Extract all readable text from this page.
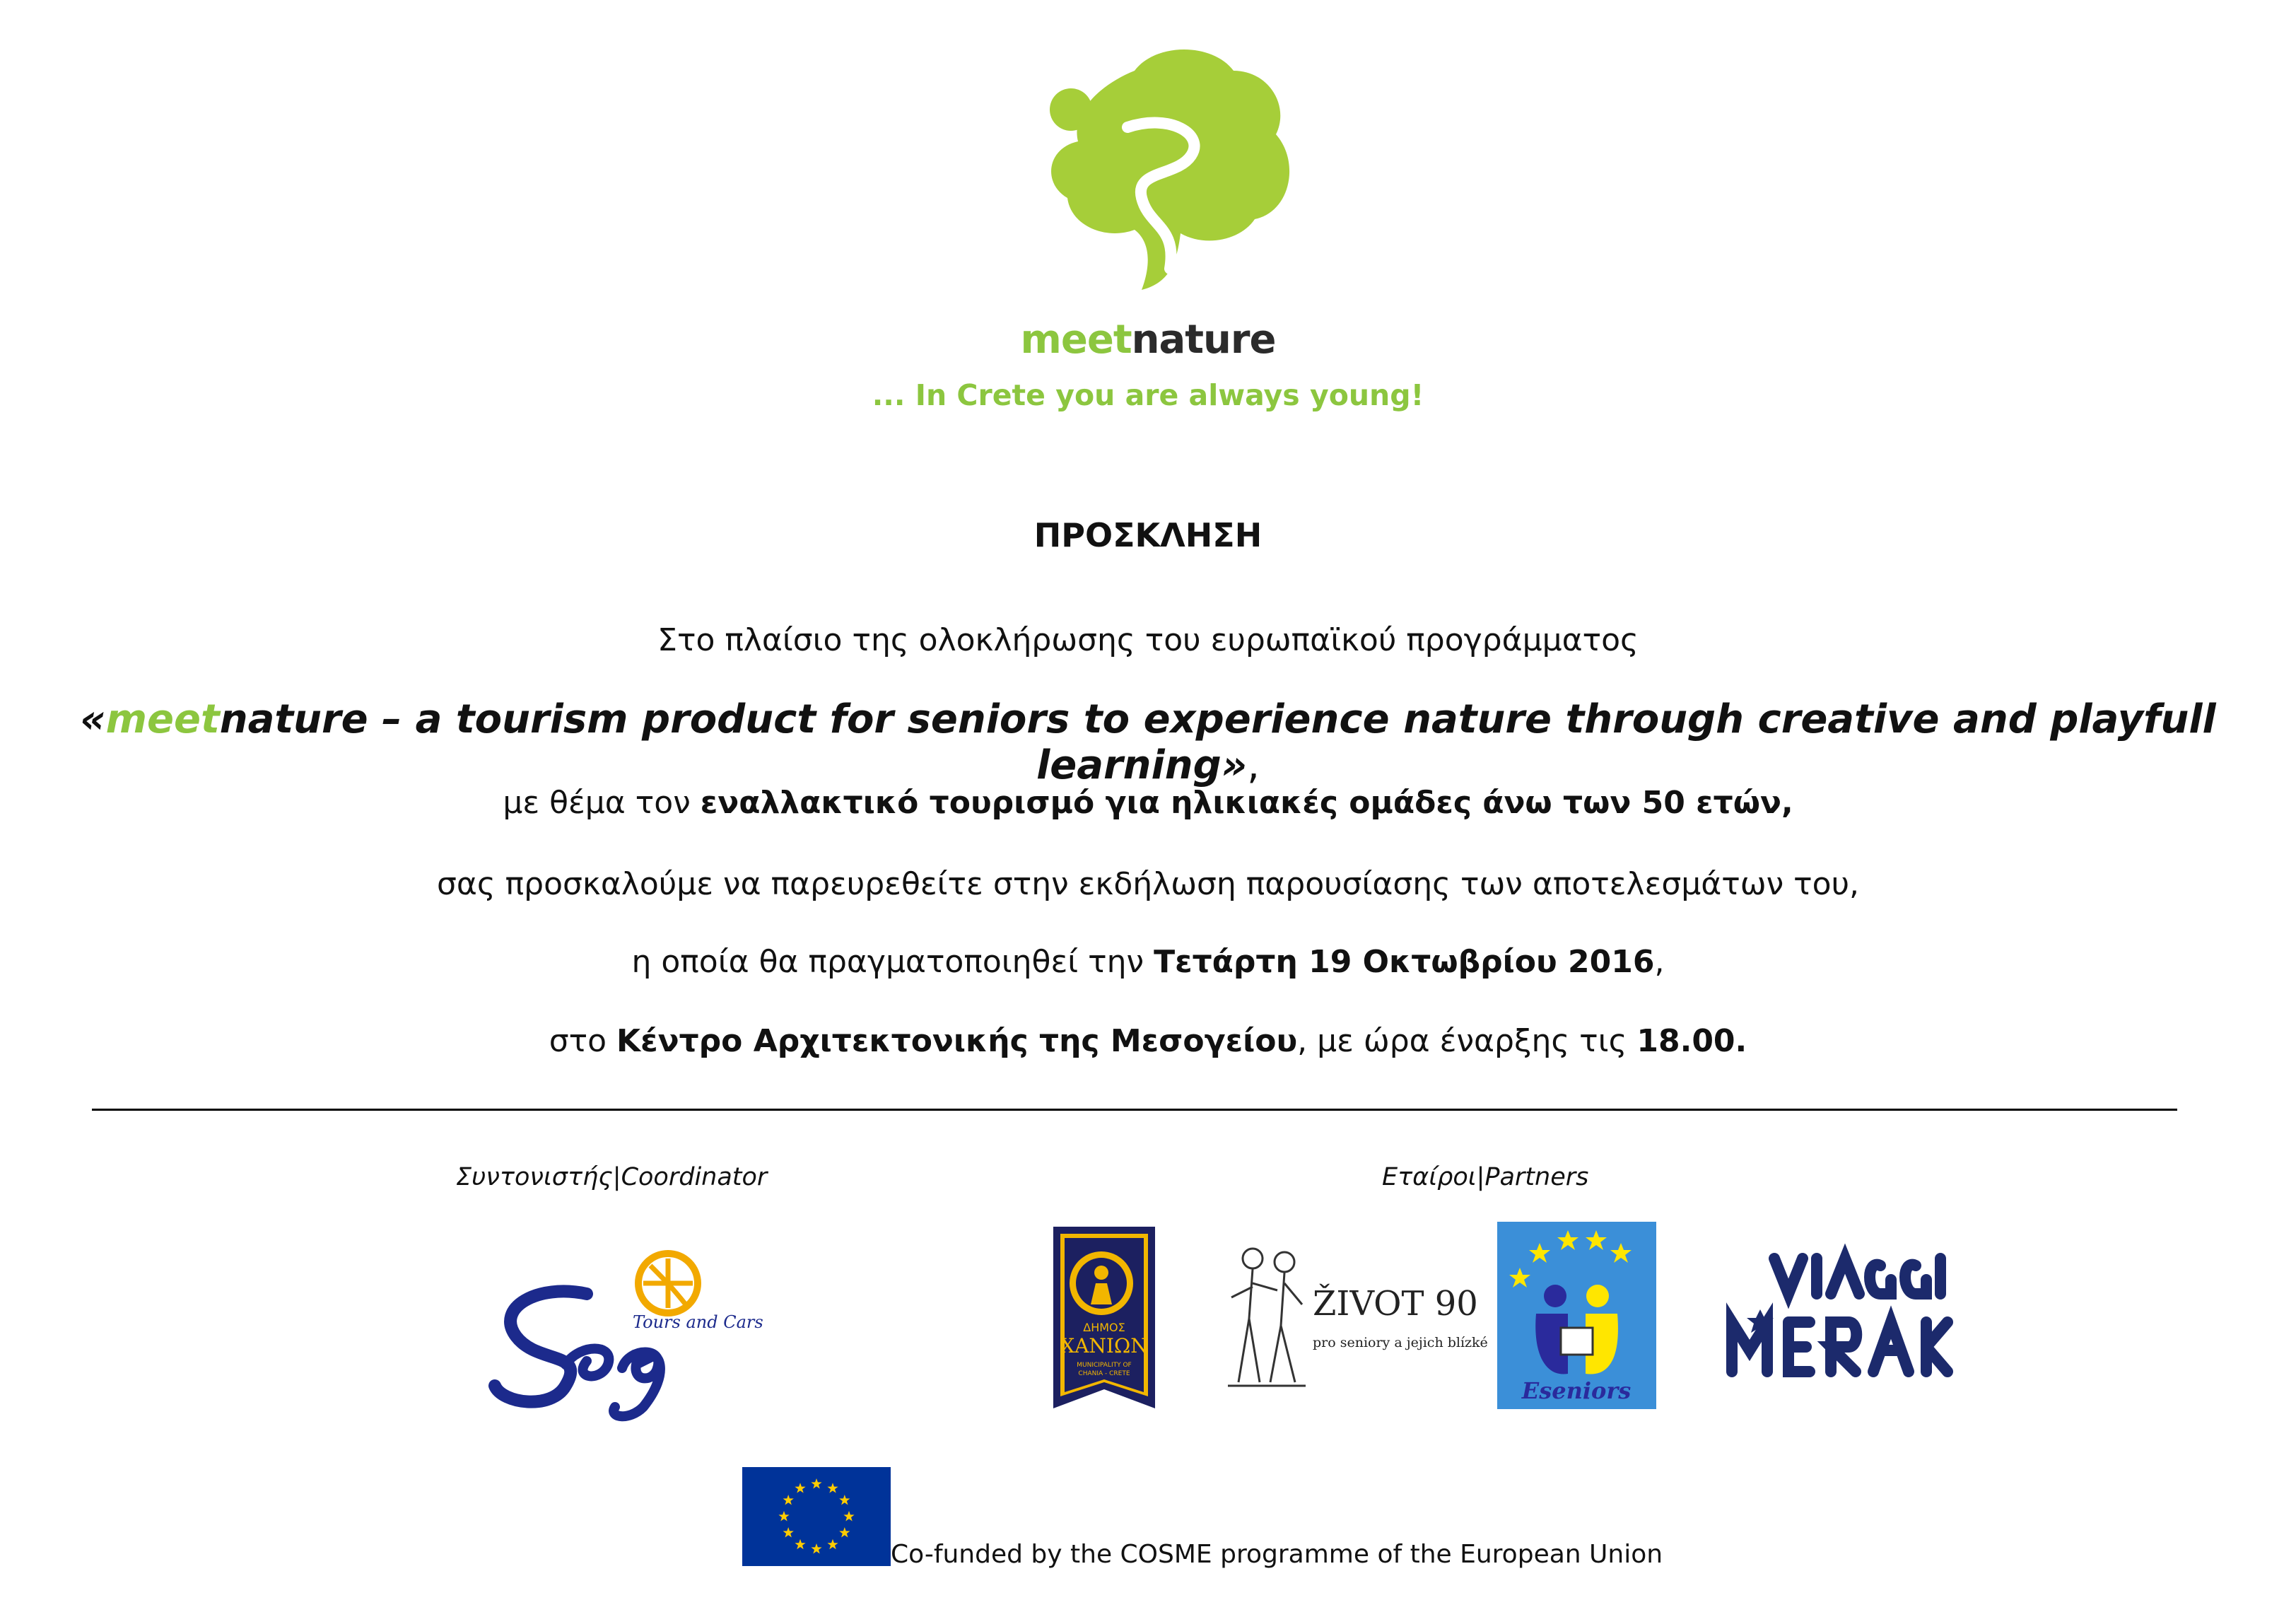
meetnature
... In Crete you are always young!
ΠΡΟΣΚΛΗΣΗ
Στο πλαίσιο της ολοκλήρωσης του ευρωπαϊκού προγράμματος
«meetnature – a tourism product for seniors to experience nature through creative and playfull learning»,
με θέμα τον εναλλακτικό τουρισμό για ηλικιακές ομάδες άνω των 50 ετών,
σας προσκαλούμε να παρευρεθείτε στην εκδήλωση παρουσίασης των αποτελεσμάτων του,
η οποία θα πραγματοποιηθεί την Τετάρτη 19 Οκτωβρίου 2016,
στο Κέντρο Αρχιτεκτονικής της Μεσογείου, με ώρα έναρξης τις 18.00.
Συντονιστής|Coordinator	Εταίροι|Partners
Tours and Cars	ΔΗΜΟΣ
ΧΑΝΙΩΝ
MUNICIPALITY OF
CHANIA - CRETE
ŽIVOT 90
pro seniory a jejich blízké
Eseniors
Co-funded by the COSME programme of the European Union
